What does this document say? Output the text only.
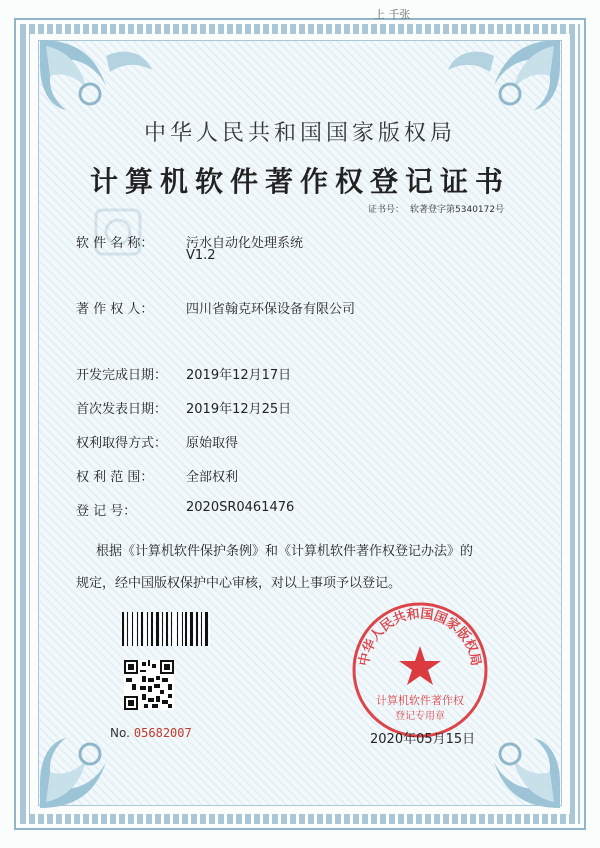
上 千张
中华人民共和国国家版权局
计算机软件著作权登记证书
证书号： 软著登字第5340172号
软 件 名 称：	污水自动化处理系统
V1.2
著 作 权 人：	四川省翰克环保设备有限公司
开发完成日期： 2019年12月17日
首次发表日期： 2019年12月25日
权利取得方式： 原始取得
权 利 范 围：	全部权利
登 记 号：	2020SR0461476
根据《计算机软件保护条例》和《计算机软件著作权登记办法》的
规定，经中国版权保护中心审核，对以上事项予以登记。
No. 05682007
中华人民共和国国家版权局
计算机软件著作权
登记专用章
2020年05月15日
